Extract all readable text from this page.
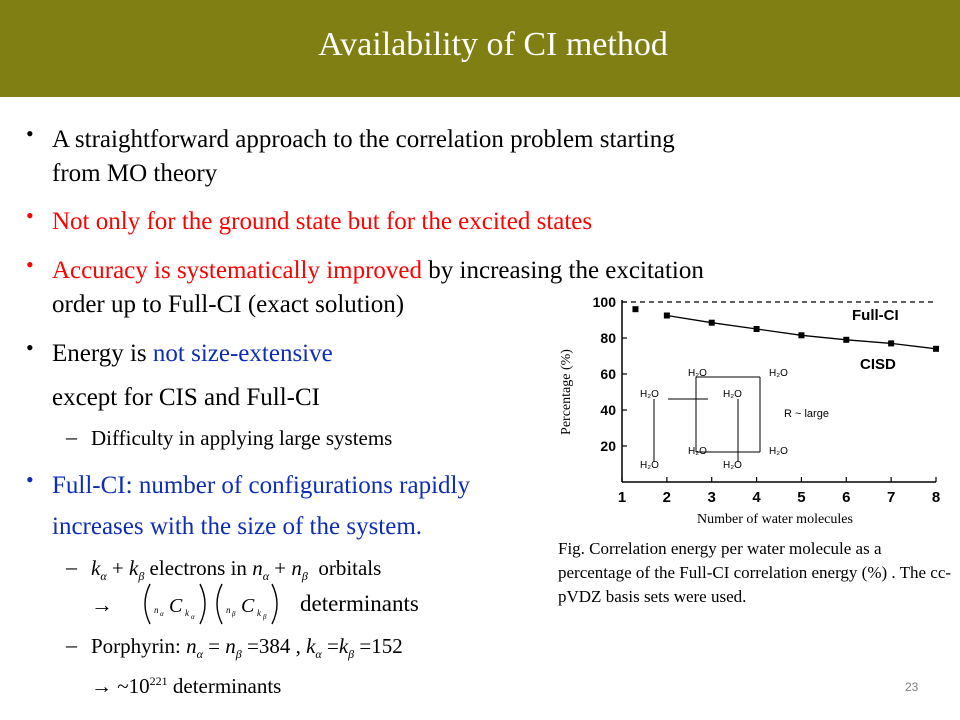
Availability of CI method
• A straightforward approach to the correlation problem starting
from MO theory
• Not only for the ground state but for the excited states
• Accuracy is systematically improved by increasing the excitation
order up to Full-CI (exact solution)
• Energy is not size-extensive
except for CIS and Full-CI
– Difficulty in applying large systems
• Full-CI: number of configurations rapidly
increases with the size of the system.
– $k_\alpha + k_\beta$ electrons in $n_\alpha + n_\beta$ orbitals
→	n α C k α
n β C k β
determinants
– Porphyrin: $n_\alpha = n_\beta =384$ , $k_\alpha =k_\beta =152$
→ $\sim 10^{221}$ determinants
1 2 3 4 5 6 7 8
20
40
60
80
100
H₂O	H₂O
H₂O	H₂O
H₂O	H₂O
H₂O	H₂O
R ~ large
Full-CI
CISD
Number of water molecules
Percentage (%)
Fig. Correlation energy per water molecule as a percentage of the Full-CI correlation energy (%) . The cc-pVDZ basis sets were used.
23
